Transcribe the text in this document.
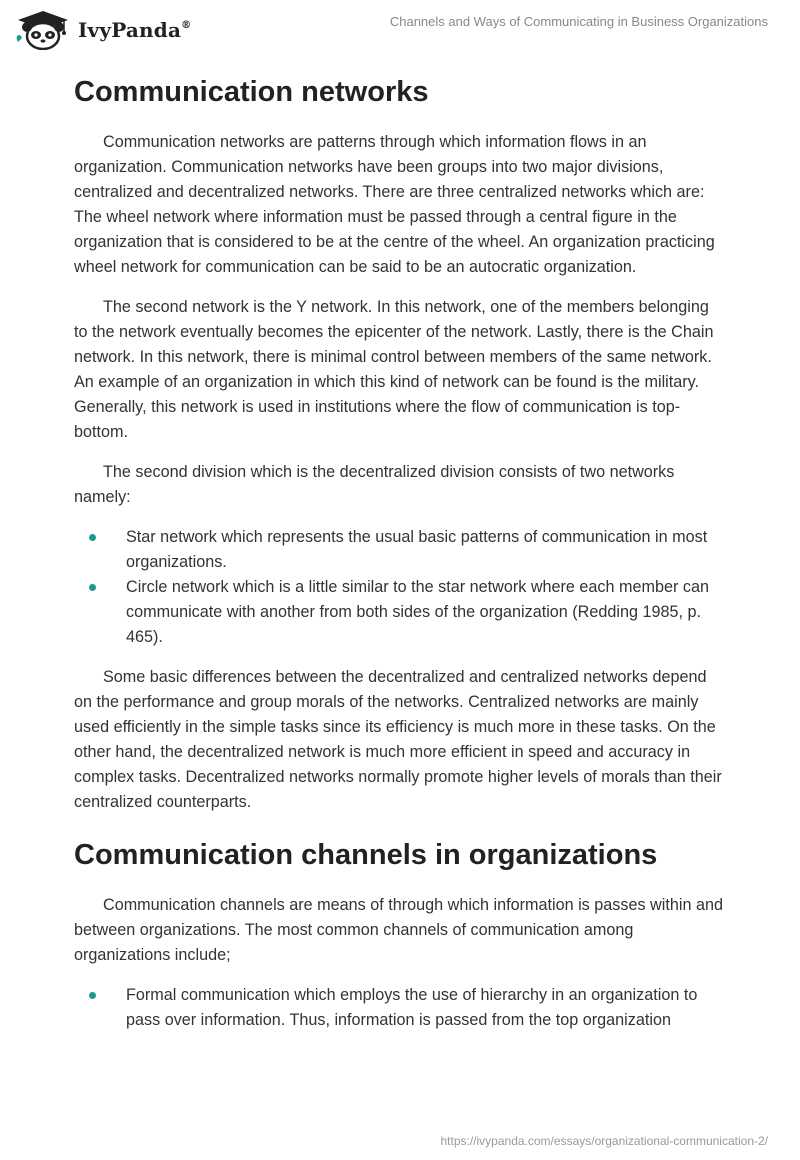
IvyPanda®	Channels and Ways of Communicating in Business Organizations
Communication networks

Communication networks are patterns through which information flows in an organization. Communication networks have been groups into two major divisions, centralized and decentralized networks. There are three centralized networks which are: The wheel network where information must be passed through a central figure in the organization that is considered to be at the centre of the wheel. An organization practicing wheel network for communication can be said to be an autocratic organization.

The second network is the Y network. In this network, one of the members belonging to the network eventually becomes the epicenter of the network. Lastly, there is the Chain network. In this network, there is minimal control between members of the same network. An example of an organization in which this kind of network can be found is the military. Generally, this network is used in institutions where the flow of communication is top-bottom.

The second division which is the decentralized division consists of two networks namely:

Star network which represents the usual basic patterns of communication in most organizations.
Circle network which is a little similar to the star network where each member can communicate with another from both sides of the organization (Redding 1985, p. 465).

Some basic differences between the decentralized and centralized networks depend on the performance and group morals of the networks. Centralized networks are mainly used efficiently in the simple tasks since its efficiency is much more in these tasks. On the other hand, the decentralized network is much more efficient in speed and accuracy in complex tasks. Decentralized networks normally promote higher levels of morals than their centralized counterparts.

Communication channels in organizations

Communication channels are means of through which information is passes within and between organizations. The most common channels of communication among organizations include;

Formal communication which employs the use of hierarchy in an organization to pass over information. Thus, information is passed from the top organization
https://ivypanda.com/essays/organizational-communication-2/
